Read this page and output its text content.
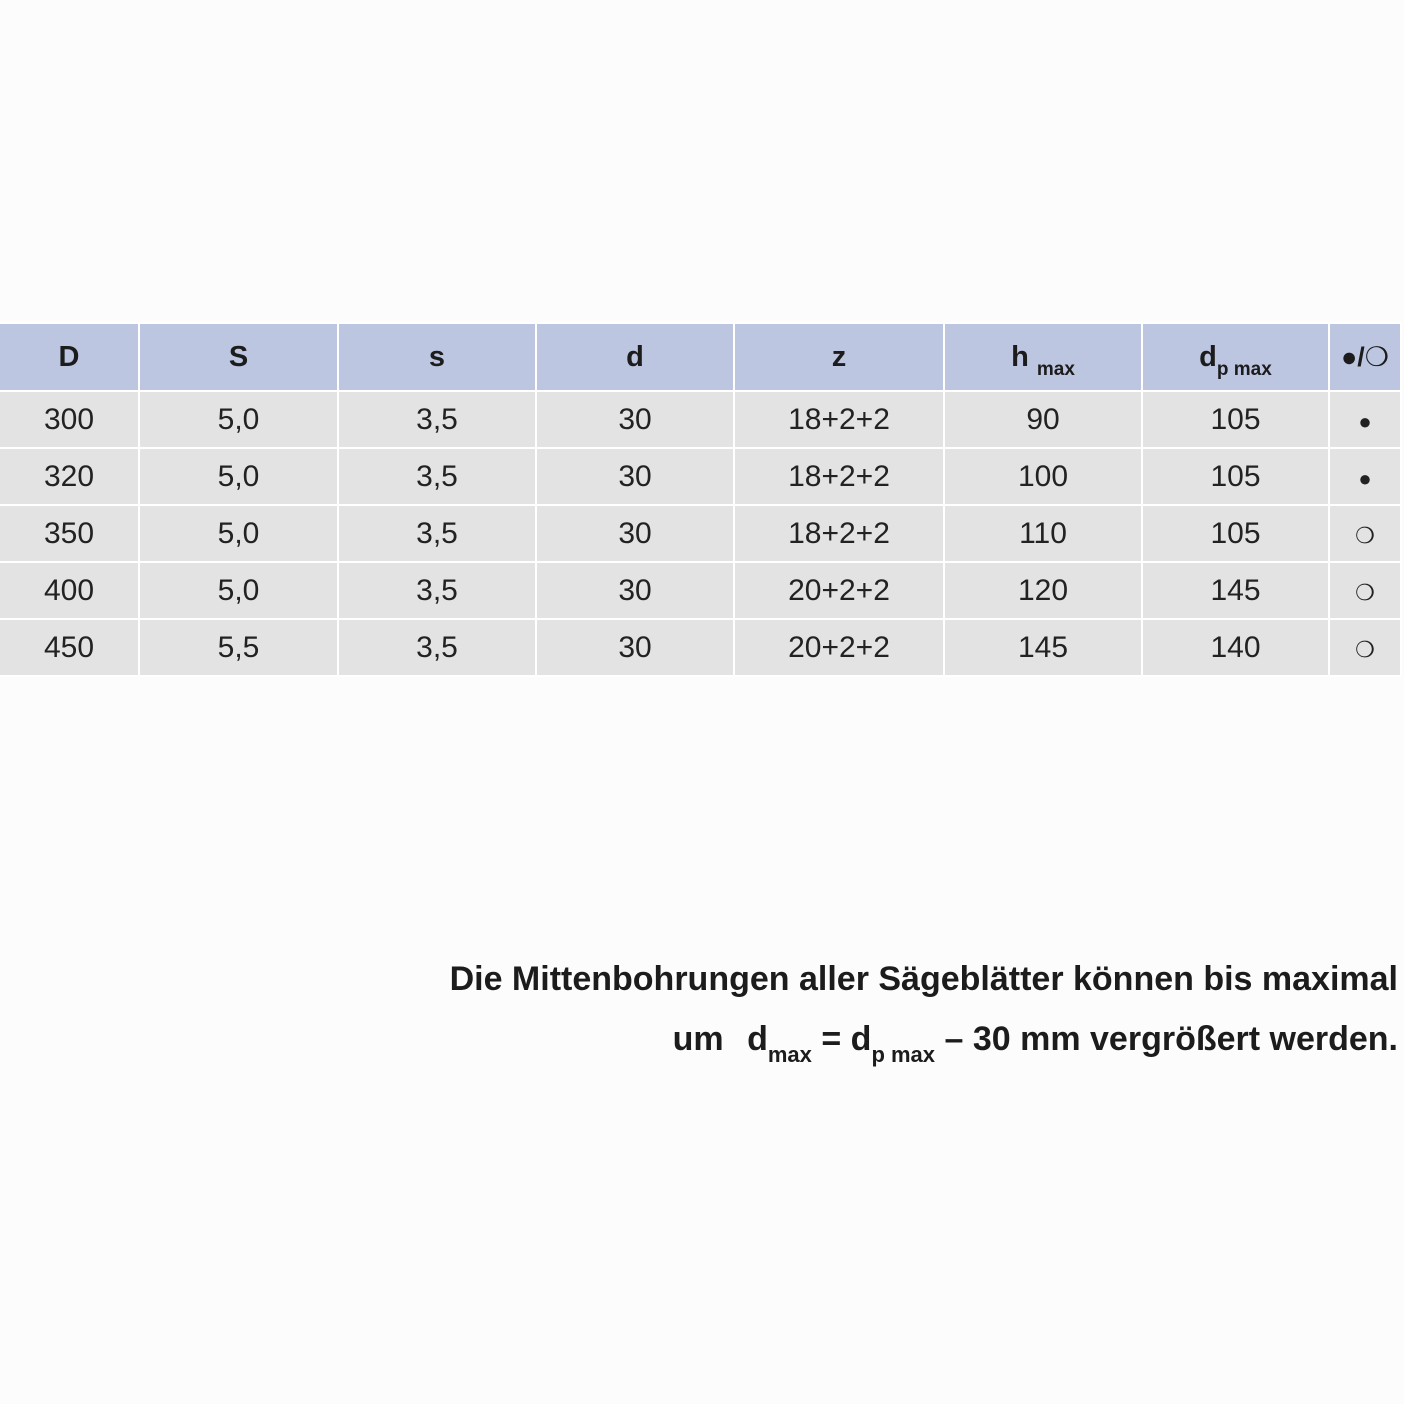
D	S	s	d	z	h $_{max}$	$d_{p max}$	●/❍
300	5,0	3,5	30	18+2+2	90	105	●
320	5,0	3,5	30	18+2+2	100	105	●
350	5,0	3,5	30	18+2+2	110	105	❍
400	5,0	3,5	30	20+2+2	120	145	❍
450	5,5	3,5	30	20+2+2	145	140	❍
Die Mittenbohrungen aller Sägeblätter können bis maximal
um $d_{max} = d_{p max} - 30$ mm vergrößert werden.
